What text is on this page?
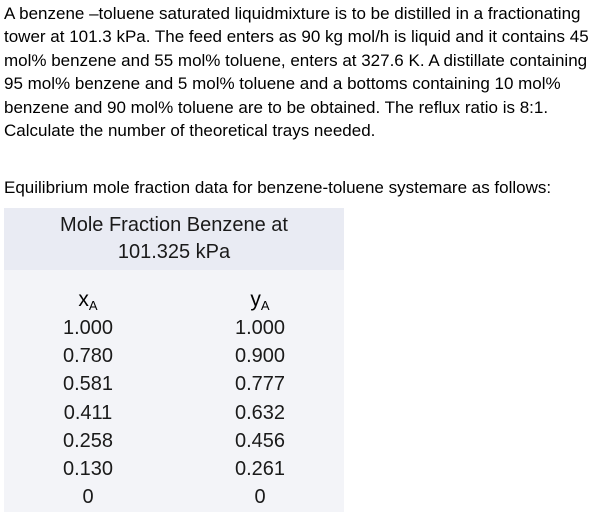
A benzene –toluene saturated liquidmixture is to be distilled in a fractionating tower at 101.3 kPa. The feed enters as 90 kg mol/h is liquid and it contains 45 mol% benzene and 55 mol% toluene, enters at 327.6 K. A distillate containing 95 mol% benzene and 5 mol% toluene and a bottoms containing 10 mol% benzene and 90 mol% toluene are to be obtained. The reflux ratio is 8:1. Calculate the number of theoretical trays needed.

Equilibrium mole fraction data for benzene-toluene systemare as follows:

Mole Fraction Benzene at
101.325 kPa
$x_A$	$y_A$
1.000	1.000
0.780	0.900
0.581	0.777
0.411	0.632
0.258	0.456
0.130	0.261
0	0
